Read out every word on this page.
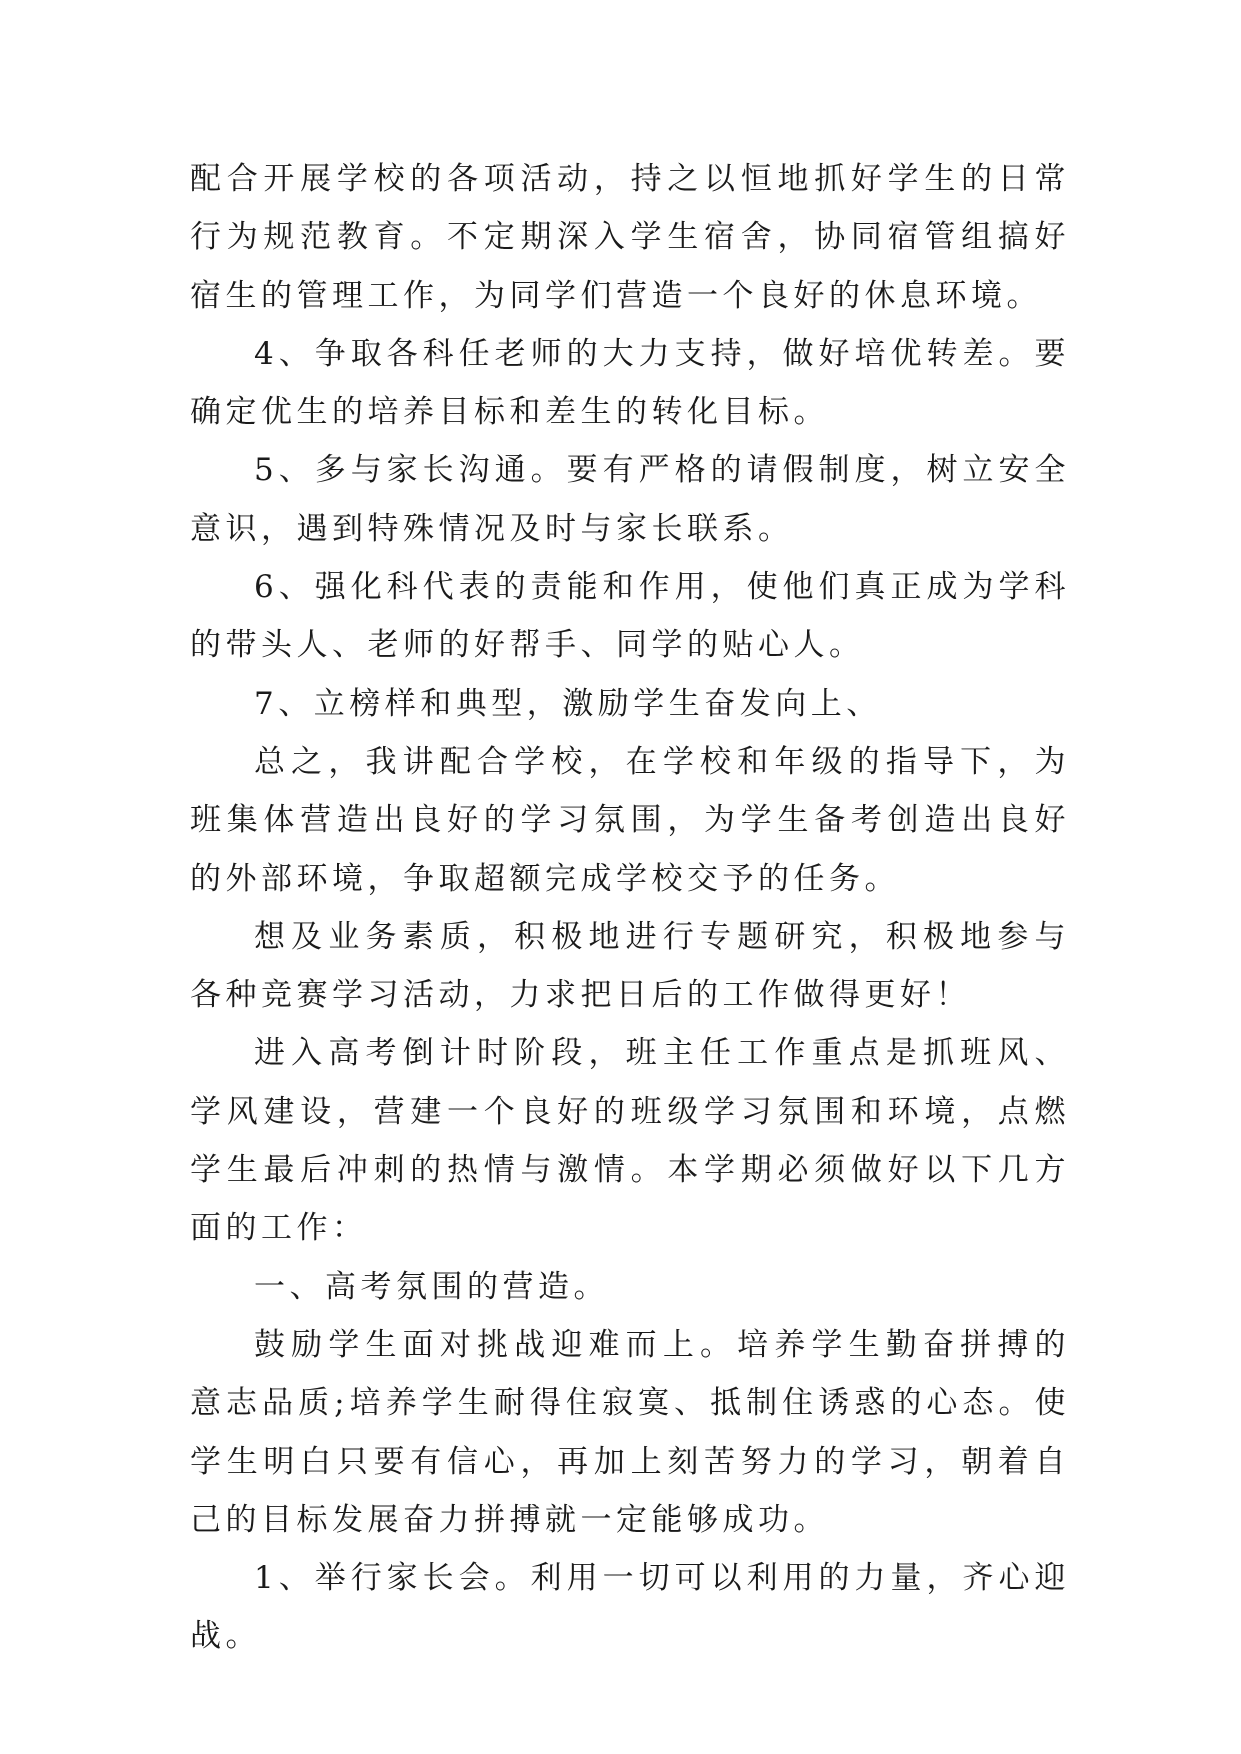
配合开展学校的各项活动，持之以恒地抓好学生的日常行为规范教育。不定期深入学生宿舍，协同宿管组搞好宿生的管理工作，为同学们营造一个良好的休息环境。

4、争取各科任老师的大力支持，做好培优转差。要确定优生的培养目标和差生的转化目标。

5、多与家长沟通。要有严格的请假制度，树立安全意识，遇到特殊情况及时与家长联系。

6、强化科代表的责能和作用，使他们真正成为学科的带头人、老师的好帮手、同学的贴心人。

7、立榜样和典型，激励学生奋发向上、

总之，我讲配合学校，在学校和年级的指导下，为班集体营造出良好的学习氛围，为学生备考创造出良好的外部环境，争取超额完成学校交予的任务。

想及业务素质，积极地进行专题研究，积极地参与各种竞赛学习活动，力求把日后的工作做得更好！

进入高考倒计时阶段，班主任工作重点是抓班风、学风建设，营建一个良好的班级学习氛围和环境，点燃学生最后冲刺的热情与激情。本学期必须做好以下几方面的工作：

一、高考氛围的营造。

鼓励学生面对挑战迎难而上。培养学生勤奋拼搏的意志品质;培养学生耐得住寂寞、抵制住诱惑的心态。使学生明白只要有信心，再加上刻苦努力的学习，朝着自己的目标发展奋力拼搏就一定能够成功。

1、举行家长会。利用一切可以利用的力量，齐心迎战。
